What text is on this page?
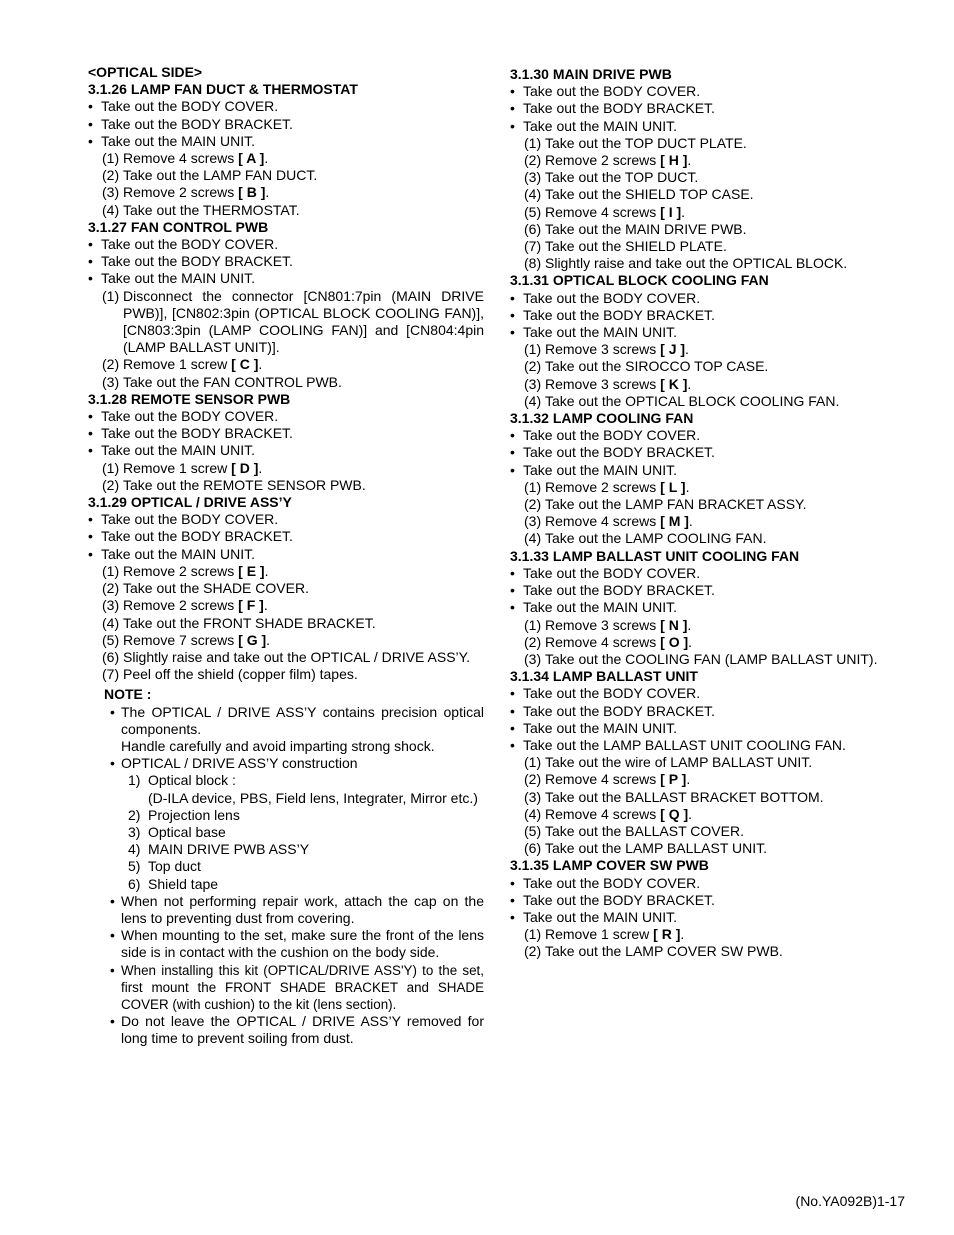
<OPTICAL SIDE>
3.1.26 LAMP FAN DUCT & THERMOSTAT
• Take out the BODY COVER.
• Take out the BODY BRACKET.
• Take out the MAIN UNIT.
(1) Remove 4 screws [ A ].
(2) Take out the LAMP FAN DUCT.
(3) Remove 2 screws [ B ].
(4) Take out the THERMOSTAT.
3.1.27 FAN CONTROL PWB
• Take out the BODY COVER.
• Take out the BODY BRACKET.
• Take out the MAIN UNIT.
(1) Disconnect the connector [CN801:7pin (MAIN DRIVE PWB)], [CN802:3pin (OPTICAL BLOCK COOLING FAN)], [CN803:3pin (LAMP COOLING FAN)] and [CN804:4pin (LAMP BALLAST UNIT)].
(2) Remove 1 screw [ C ].
(3) Take out the FAN CONTROL PWB.
3.1.28 REMOTE SENSOR PWB
• Take out the BODY COVER.
• Take out the BODY BRACKET.
• Take out the MAIN UNIT.
(1) Remove 1 screw [ D ].
(2) Take out the REMOTE SENSOR PWB.
3.1.29 OPTICAL / DRIVE ASS’Y
• Take out the BODY COVER.
• Take out the BODY BRACKET.
• Take out the MAIN UNIT.
(1) Remove 2 screws [ E ].
(2) Take out the SHADE COVER.
(3) Remove 2 screws [ F ].
(4) Take out the FRONT SHADE BRACKET.
(5) Remove 7 screws [ G ].
(6) Slightly raise and take out the OPTICAL / DRIVE ASS’Y.
(7) Peel off the shield (copper film) tapes.
NOTE :
• The OPTICAL / DRIVE ASS’Y contains precision optical components.
Handle carefully and avoid imparting strong shock.
• OPTICAL / DRIVE ASS’Y construction
1) Optical block :
(D-ILA device, PBS, Field lens, Integrater, Mirror etc.)
2) Projection lens
3) Optical base
4) MAIN DRIVE PWB ASS’Y
5) Top duct
6) Shield tape
• When not performing repair work, attach the cap on the lens to preventing dust from covering.
• When mounting to the set, make sure the front of the lens side is in contact with the cushion on the body side.
• When installing this kit (OPTICAL/DRIVE ASS'Y) to the set, first mount the FRONT SHADE BRACKET and SHADE COVER (with cushion) to the kit (lens section).
• Do not leave the OPTICAL / DRIVE ASS’Y removed for long time to prevent soiling from dust.
3.1.30 MAIN DRIVE PWB
• Take out the BODY COVER.
• Take out the BODY BRACKET.
• Take out the MAIN UNIT.
(1) Take out the TOP DUCT PLATE.
(2) Remove 2 screws [ H ].
(3) Take out the TOP DUCT.
(4) Take out the SHIELD TOP CASE.
(5) Remove 4 screws [ I ].
(6) Take out the MAIN DRIVE PWB.
(7) Take out the SHIELD PLATE.
(8) Slightly raise and take out the OPTICAL BLOCK.
3.1.31 OPTICAL BLOCK COOLING FAN
• Take out the BODY COVER.
• Take out the BODY BRACKET.
• Take out the MAIN UNIT.
(1) Remove 3 screws [ J ].
(2) Take out the SIROCCO TOP CASE.
(3) Remove 3 screws [ K ].
(4) Take out the OPTICAL BLOCK COOLING FAN.
3.1.32 LAMP COOLING FAN
• Take out the BODY COVER.
• Take out the BODY BRACKET.
• Take out the MAIN UNIT.
(1) Remove 2 screws [ L ].
(2) Take out the LAMP FAN BRACKET ASSY.
(3) Remove 4 screws [ M ].
(4) Take out the LAMP COOLING FAN.
3.1.33 LAMP BALLAST UNIT COOLING FAN
• Take out the BODY COVER.
• Take out the BODY BRACKET.
• Take out the MAIN UNIT.
(1) Remove 3 screws [ N ].
(2) Remove 4 screws [ O ].
(3) Take out the COOLING FAN (LAMP BALLAST UNIT).
3.1.34 LAMP BALLAST UNIT
• Take out the BODY COVER.
• Take out the BODY BRACKET.
• Take out the MAIN UNIT.
• Take out the LAMP BALLAST UNIT COOLING FAN.
(1) Take out the wire of LAMP BALLAST UNIT.
(2) Remove 4 screws [ P ].
(3) Take out the BALLAST BRACKET BOTTOM.
(4) Remove 4 screws [ Q ].
(5) Take out the BALLAST COVER.
(6) Take out the LAMP BALLAST UNIT.
3.1.35 LAMP COVER SW PWB
• Take out the BODY COVER.
• Take out the BODY BRACKET.
• Take out the MAIN UNIT.
(1) Remove 1 screw [ R ].
(2) Take out the LAMP COVER SW PWB.
(No.YA092B)1-17
